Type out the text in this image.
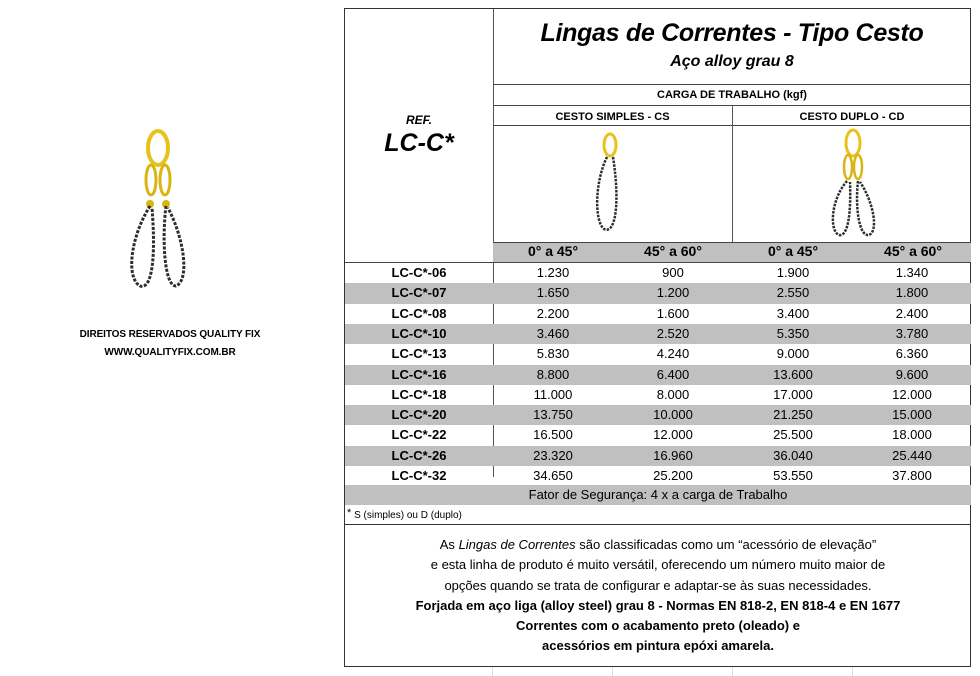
DIREITOS RESERVADOS QUALITY FIX
WWW.QUALITYFIX.COM.BR
Lingas de Correntes - Tipo Cesto
Aço alloy grau 8
CARGA DE TRABALHO (kgf)
CESTO SIMPLES - CS	CESTO DUPLO - CD
REF.
LC-C*
0° a 45°	45° a 60°	0° a 45°	45° a 60°
LC-C*-06	1.230	900	1.900	1.340
LC-C*-07	1.650	1.200	2.550	1.800
LC-C*-08	2.200	1.600	3.400	2.400
LC-C*-10	3.460	2.520	5.350	3.780
LC-C*-13	5.830	4.240	9.000	6.360
LC-C*-16	8.800	6.400	13.600	9.600
LC-C*-18	11.000	8.000	17.000	12.000
LC-C*-20	13.750	10.000	21.250	15.000
LC-C*-22	16.500	12.000	25.500	18.000
LC-C*-26	23.320	16.960	36.040	25.440
LC-C*-32	34.650	25.200	53.550	37.800
Fator de Segurança: 4 x a carga de Trabalho
* S (simples) ou D (duplo)
As Lingas de Correntes são classificadas como um “acessório de elevação”
e esta linha de produto é muito versátil, oferecendo um número muito maior de
opções quando se trata de configurar e adaptar-se às suas necessidades.
Forjada em aço liga (alloy steel) grau 8 - Normas EN 818-2, EN 818-4 e EN 1677
Correntes com o acabamento preto (oleado) e
acessórios em pintura epóxi amarela.
